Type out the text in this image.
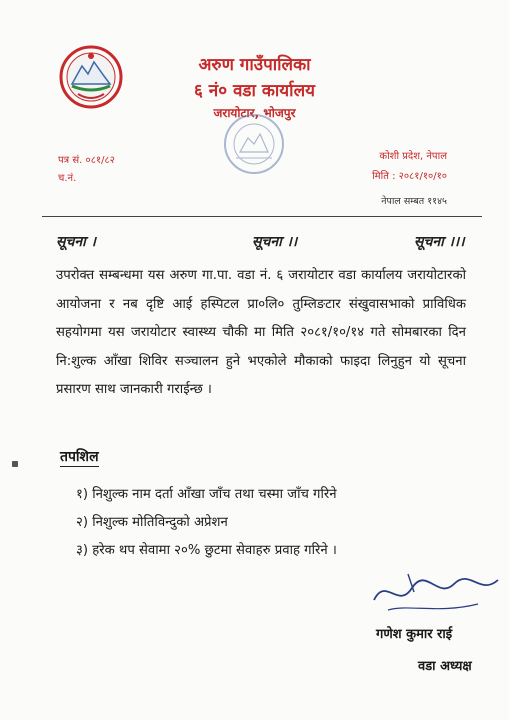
अरुण गाउँपालिका
६ नं० वडा कार्यालय
जरायोटार, भोजपुर
पत्र सं. ०८१/८२
च.नं.
कोशी प्रदेश, नेपाल
मिति : २०८१/१०/१०
नेपाल सम्बत ११४५
सूचना ।	सूचना ।।	सूचना ।।।
उपरोक्त सम्बन्धमा यस अरुण गा.पा. वडा नं. ६ जरायोटार वडा कार्यालय जरायोटारको आयोजना र नब दृष्टि आई हस्पिटल प्रा०लि० तुम्लिङटार संखुवासभाको प्राविधिक सहयोगमा यस जरायोटार स्वास्थ्य चौकी मा मिति २०८१/१०/१४ गते सोमबारका दिन नि:शुल्क आँखा शिविर सञ्चालन हुने भएकोले मौकाको फाइदा लिनुहुन यो सूचना प्रसारण साथ जानकारी गराईन्छ ।
तपशिल
१) निशुल्क नाम दर्ता आँखा जाँच तथा चस्मा जाँच गरिने
२) निशुल्क मोतिविन्दुको अप्रेशन
३) हरेक थप सेवामा २०% छुटमा सेवाहरु प्रवाह गरिने ।
गणेश कुमार राई
वडा अध्यक्ष
